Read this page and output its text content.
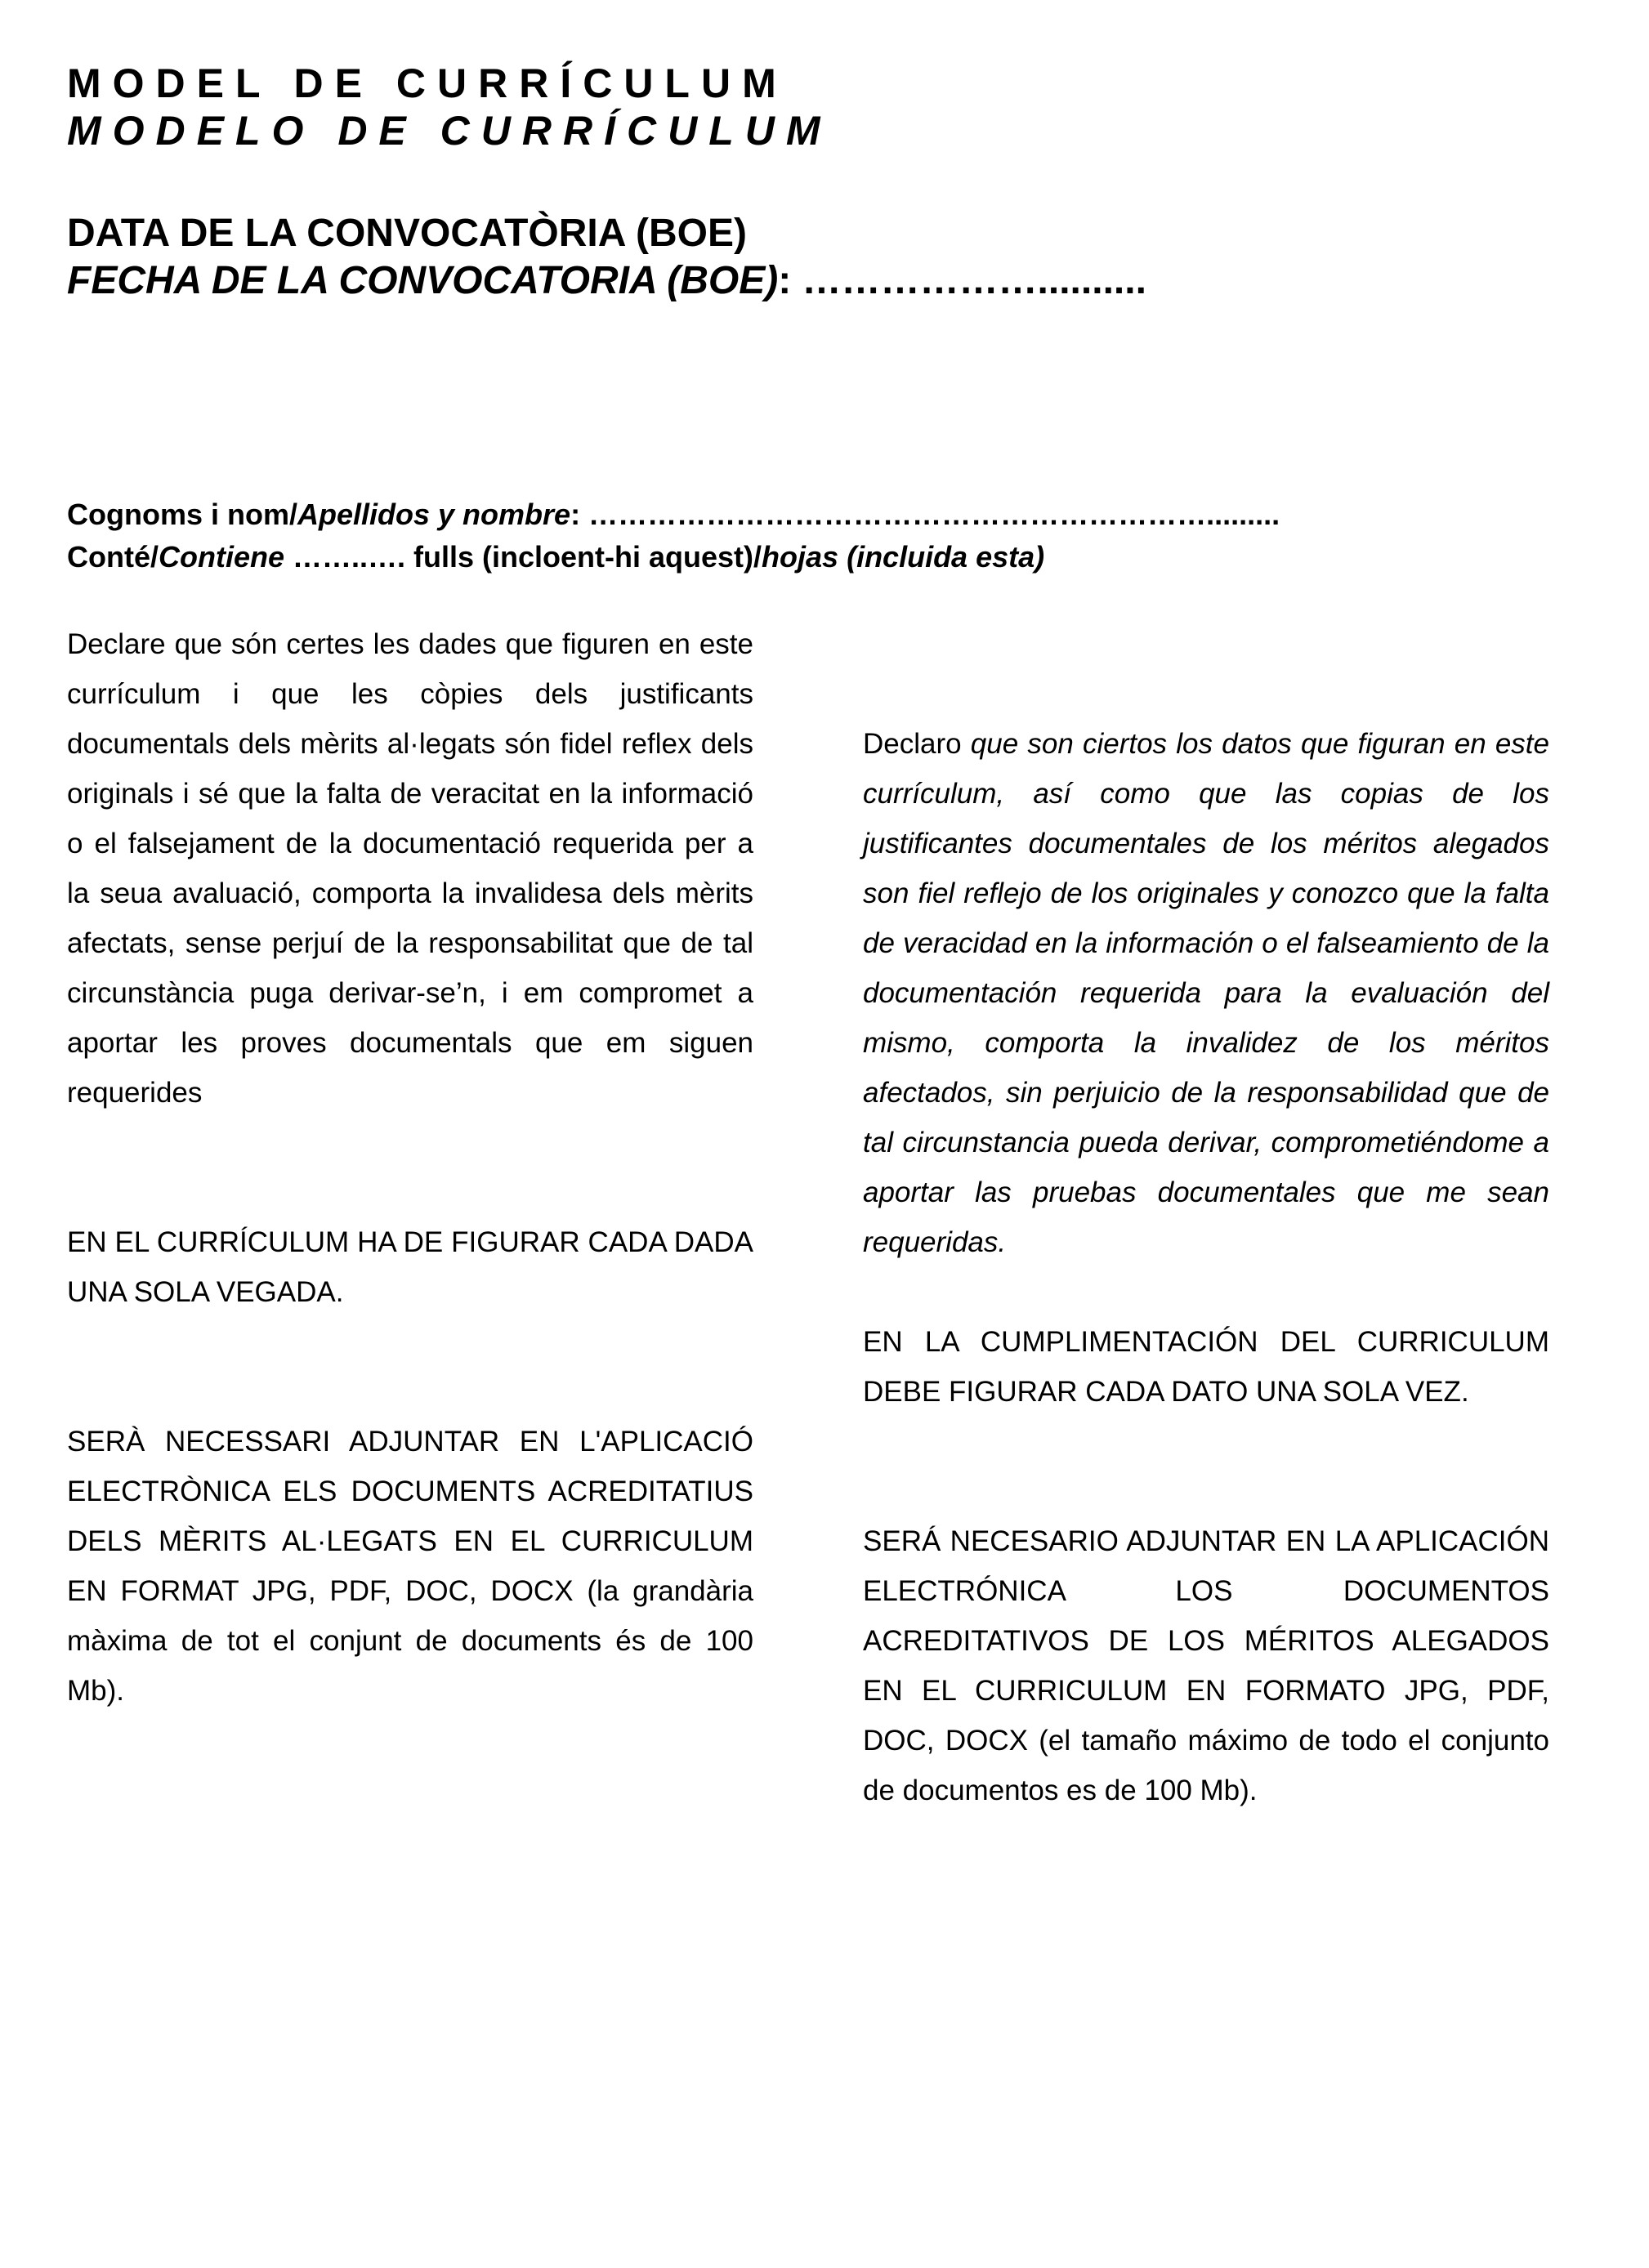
MODEL DE CURRÍCULUM
MODELO DE CURRÍCULUM
DATA DE LA CONVOCATÒRIA (BOE)
FECHA DE LA CONVOCATORIA (BOE): ………………..........
Cognoms i nom/Apellidos y nombre: ……………………………………………………….........
Conté/Contiene ……..…. fulls (incloent-hi aquest)/hojas (incluida esta)

Declare que són certes les dades que figuren en este currículum i que les còpies dels justificants documentals dels mèrits al·legats són fidel reflex dels originals i sé que la falta de veracitat en la informació o el falsejament de la documentació requerida per a la seua avaluació, comporta la invalidesa dels mèrits afectats, sense perjuí de la responsabilitat que de tal circunstància puga derivar-se’n, i em compromet a aportar les proves documentals que em siguen requerides

EN EL CURRÍCULUM HA DE FIGURAR CADA DADA UNA SOLA VEGADA.

SERÀ NECESSARI ADJUNTAR EN L'APLICACIÓ ELECTRÒNICA ELS DOCUMENTS ACREDITATIUS DELS MÈRITS AL·LEGATS EN EL CURRICULUM EN FORMAT JPG, PDF, DOC, DOCX (la grandària màxima de tot el conjunt de documents és de 100 Mb).

Declaro que son ciertos los datos que figuran en este currículum, así como que las copias de los justificantes documentales de los méritos alegados son fiel reflejo de los originales y conozco que la falta de veracidad en la información o el falseamiento de la documentación requerida para la evaluación del mismo, comporta la invalidez de los méritos afectados, sin perjuicio de la responsabilidad que de tal circunstancia pueda derivar, comprometiéndome a aportar las pruebas documentales que me sean requeridas.

EN LA CUMPLIMENTACIÓN DEL CURRICULUM DEBE FIGURAR CADA DATO UNA SOLA VEZ.

SERÁ NECESARIO ADJUNTAR EN LA APLICACIÓN ELECTRÓNICA LOS DOCUMENTOS ACREDITATIVOS DE LOS MÉRITOS ALEGADOS EN EL CURRICULUM EN FORMATO JPG, PDF, DOC, DOCX (el tamaño máximo de todo el conjunto de documentos es de 100 Mb).
